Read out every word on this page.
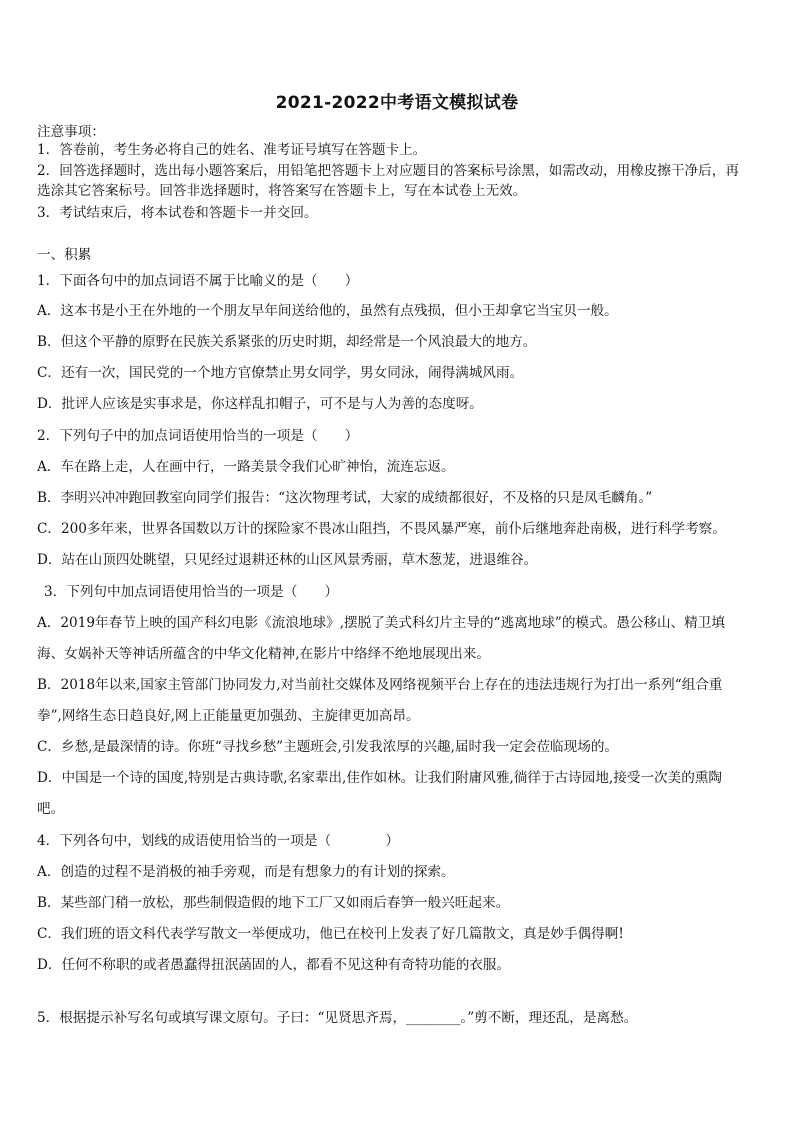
2021-2022中考语文模拟试卷
注意事项：
1．答卷前，考生务必将自己的姓名、准考证号填写在答题卡上。
2．回答选择题时，选出每小题答案后，用铅笔把答题卡上对应题目的答案标号涂黑，如需改动，用橡皮擦干净后，再
选涂其它答案标号。回答非选择题时，将答案写在答题卡上，写在本试卷上无效。
3．考试结束后，将本试卷和答题卡一并交回。
一、积累
1．下面各句中的加点词语不属于比喻义的是（　　）
A．这本书是小王在外地的一个朋友早年间送给他的，虽然有点残损，但小王却拿它当宝贝一般。
B．但这个平静的原野在民族关系紧张的历史时期，却经常是一个风浪最大的地方。
C．还有一次，国民党的一个地方官僚禁止男女同学，男女同泳，闹得满城风雨。
D．批评人应该是实事求是，你这样乱扣帽子，可不是与人为善的态度呀。
2．下列句子中的加点词语使用恰当的一项是（　　）
A．车在路上走，人在画中行，一路美景令我们心旷神怡，流连忘返。
B．李明兴冲冲跑回教室向同学们报告：“这次物理考试，大家的成绩都很好，不及格的只是凤毛麟角。”
C．200多年来，世界各国数以万计的探险家不畏冰山阻挡，不畏风暴严寒，前仆后继地奔赴南极，进行科学考察。
D．站在山顶四处眺望，只见经过退耕还林的山区风景秀丽，草木葱茏，进退维谷。
3．下列句中加点词语使用恰当的一项是（　　）
A．2019年春节上映的国产科幻电影《流浪地球》,摆脱了美式科幻片主导的“逃离地球”的模式。愚公移山、精卫填
海、女娲补天等神话所蕴含的中华文化精神,在影片中络绎不绝地展现出来。
B．2018年以来,国家主管部门协同发力,对当前社交媒体及网络视频平台上存在的违法违规行为打出一系列“组合重
拳”,网络生态日趋良好,网上正能量更加强劲、主旋律更加高昂。
C．乡愁,是最深情的诗。你班“寻找乡愁”主题班会,引发我浓厚的兴趣,届时我一定会莅临现场的。
D．中国是一个诗的国度,特别是古典诗歌,名家辈出,佳作如林。让我们附庸风雅,徜徉于古诗园地,接受一次美的熏陶
吧。
4．下列各句中，划线的成语使用恰当的一项是（　　　　）
A．创造的过程不是消极的袖手旁观，而是有想象力的有计划的探索。
B．某些部门稍一放松，那些制假造假的地下工厂又如雨后春笋一般兴旺起来。
C．我们班的语文科代表学写散文一举便成功，他已在校刊上发表了好几篇散文，真是妙手偶得啊!
D．任何不称职的或者愚蠢得扭泯菡固的人，都看不见这种有奇特功能的衣服。
5．根据提示补写名句或填写课文原句。子曰：“见贤思齐焉，________。”剪不断，理还乱，是离愁。
